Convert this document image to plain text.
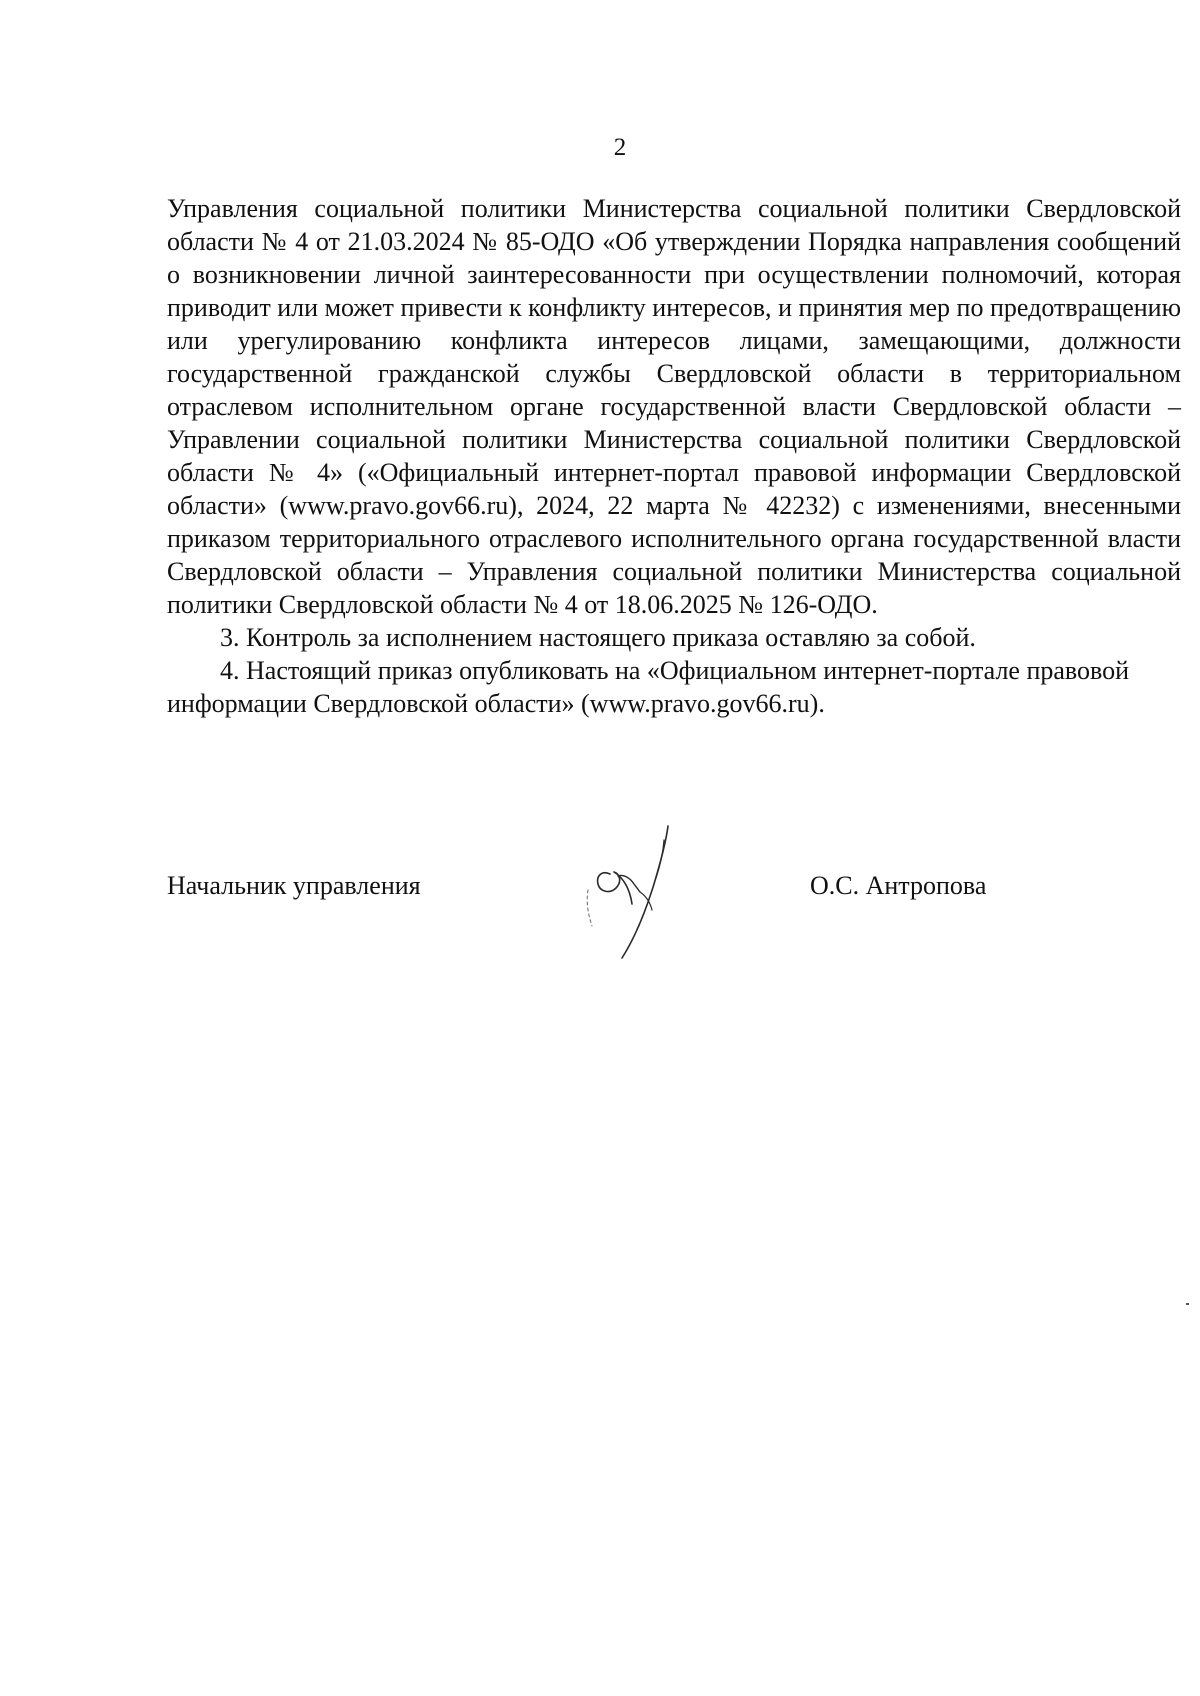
2

Управления социальной политики Министерства социальной политики Свердловской области № 4 от 21.03.2024 № 85-ОДО «Об утверждении Порядка направления сообщений о возникновении личной заинтересованности при осуществлении полномочий, которая приводит или может привести к конфликту интересов, и принятия мер по предотвращению или урегулированию конфликта интересов лицами, замещающими, должности государственной гражданской службы Свердловской области в территориальном отраслевом исполнительном органе государственной власти Свердловской области – Управлении социальной политики Министерства социальной политики Свердловской области № 4» («Официальный интернет-портал правовой информации Свердловской области» (www.pravo.gov66.ru), 2024, 22 марта № 42232) с изменениями, внесенными приказом территориального отраслевого исполнительного органа государственной власти Свердловской области – Управления социальной политики Министерства социальной политики Свердловской области № 4 от 18.06.2025 № 126-ОДО.

3. Контроль за исполнением настоящего приказа оставляю за собой.

4. Настоящий приказ опубликовать на «Официальном интернет-портале правовой информации Свердловской области» (www.pravo.gov66.ru).

Начальник управления	О.С. Антропова
